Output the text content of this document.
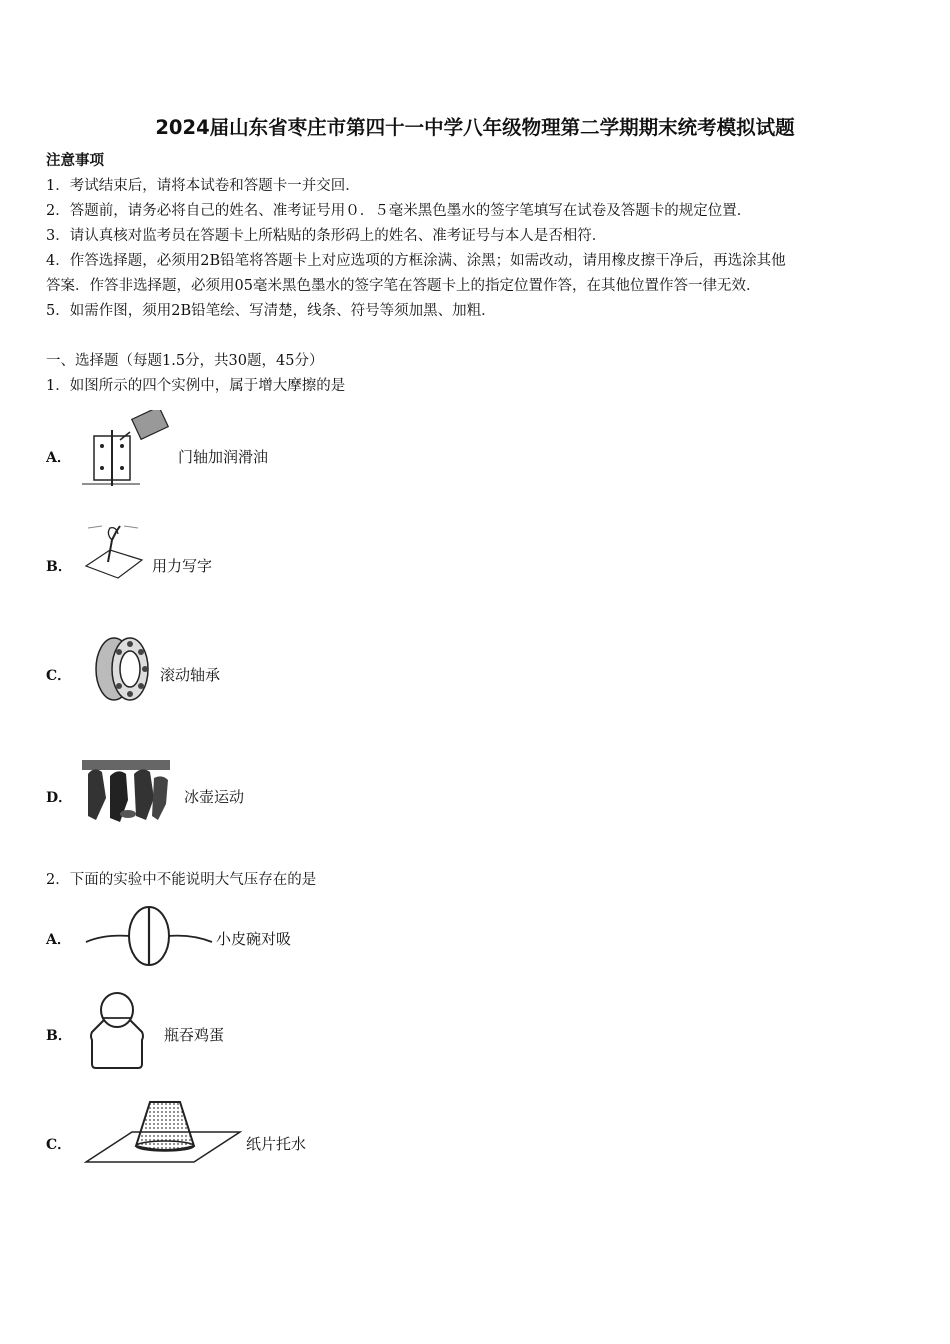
2024届山东省枣庄市第四十一中学八年级物理第二学期期末统考模拟试题
注意事项
1．考试结束后，请将本试卷和答题卡一并交回．
2．答题前，请务必将自己的姓名、准考证号用０．５毫米黑色墨水的签字笔填写在试卷及答题卡的规定位置．
3．请认真核对监考员在答题卡上所粘贴的条形码上的姓名、准考证号与本人是否相符．
4．作答选择题，必须用2B铅笔将答题卡上对应选项的方框涂满、涂黑；如需改动，请用橡皮擦干净后，再选涂其他
答案．作答非选择题，必须用05毫米黑色墨水的签字笔在答题卡上的指定位置作答，在其他位置作答一律无效．
5．如需作图，须用2B铅笔绘、写清楚，线条、符号等须加黑、加粗．
一、选择题（每题1.5分，共30题，45分）
1．如图所示的四个实例中，属于增大摩擦的是
A．	门轴加润滑油
B．	用力写字
C．	滚动轴承
D．	冰壶运动
2．下面的实验中不能说明大气压存在的是
A．	小皮碗对吸
B．	瓶吞鸡蛋
C．	纸片托水
